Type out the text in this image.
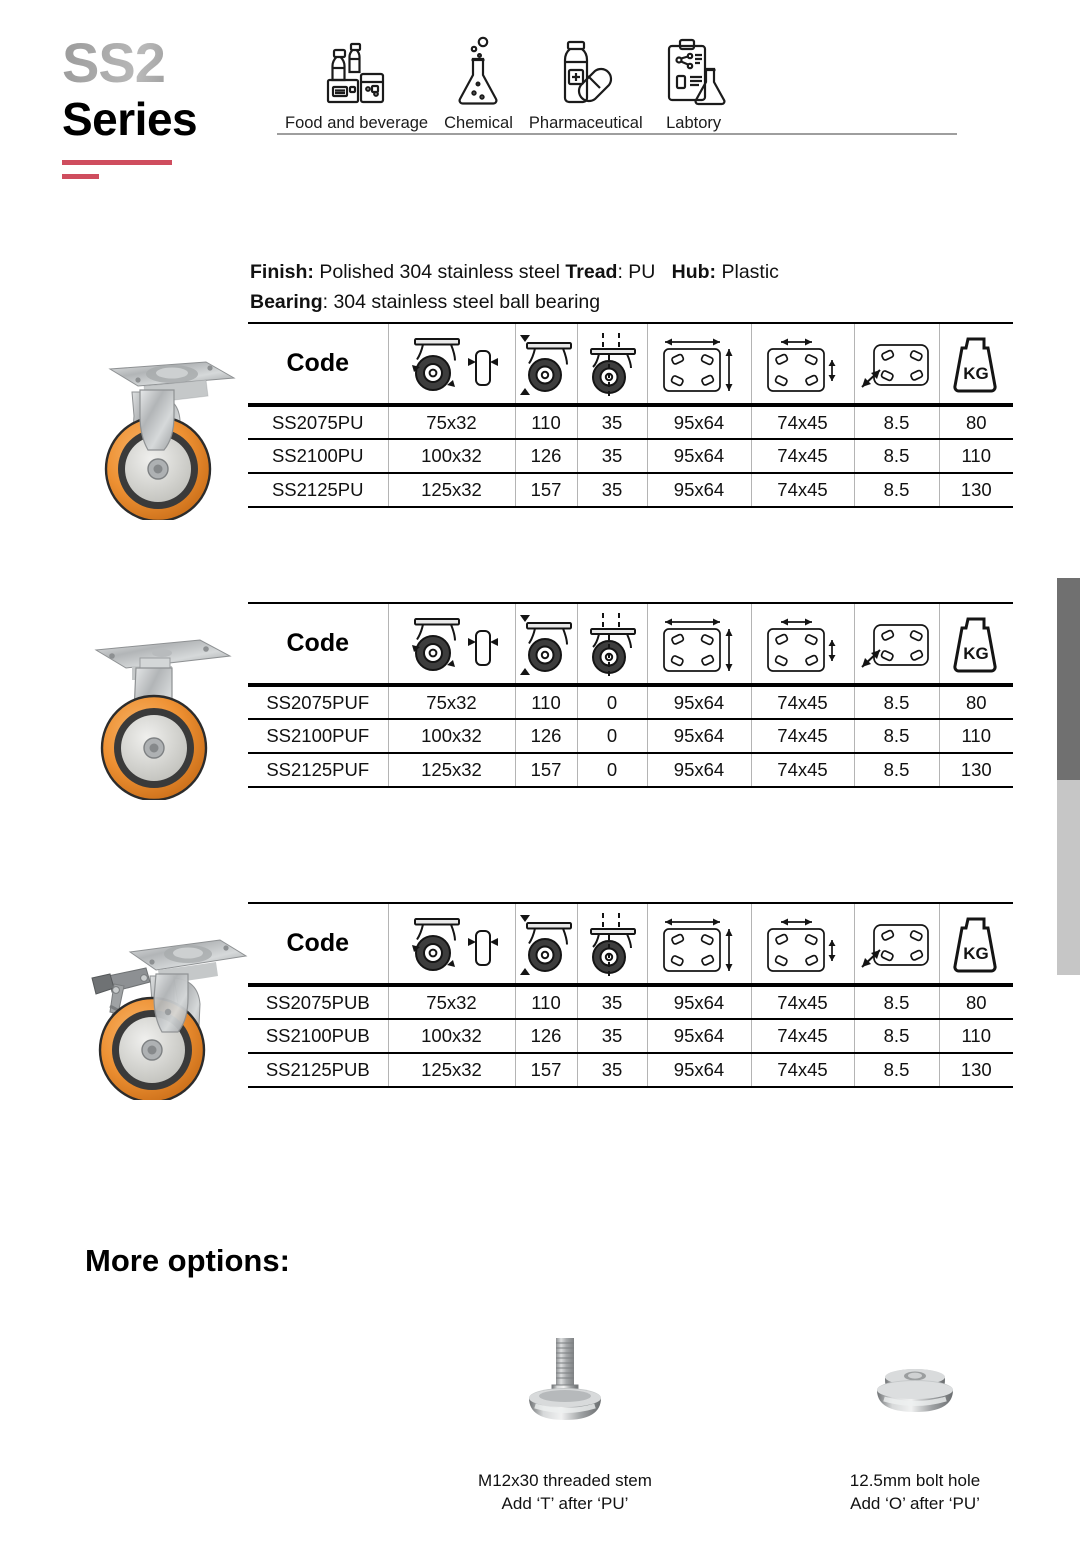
SS2
Series	Food and beverage Chemical Pharmaceutical Labtory
Finish: Polished 304 stainless steel Tread: PU Hub: Plastic
Bearing: 304 stainless steel ball bearing
Code							KG

SS2075PU	75x32	110	35	95x64	74x45	8.5	80
SS2100PU	100x32	126	35	95x64	74x45	8.5	110
SS2125PU	125x32	157	35	95x64	74x45	8.5	130
Code							KG

SS2075PUF	75x32	110	0	95x64	74x45	8.5	80
SS2100PUF	100x32	126	0	95x64	74x45	8.5	110
SS2125PUF	125x32	157	0	95x64	74x45	8.5	130
Code							KG

SS2075PUB	75x32	110	35	95x64	74x45	8.5	80
SS2100PUB	100x32	126	35	95x64	74x45	8.5	110
SS2125PUB	125x32	157	35	95x64	74x45	8.5	130
More options:
M12x30 threaded stem
Add ‘T’ after ‘PU’
12.5mm bolt hole
Add ‘O’ after ‘PU’
